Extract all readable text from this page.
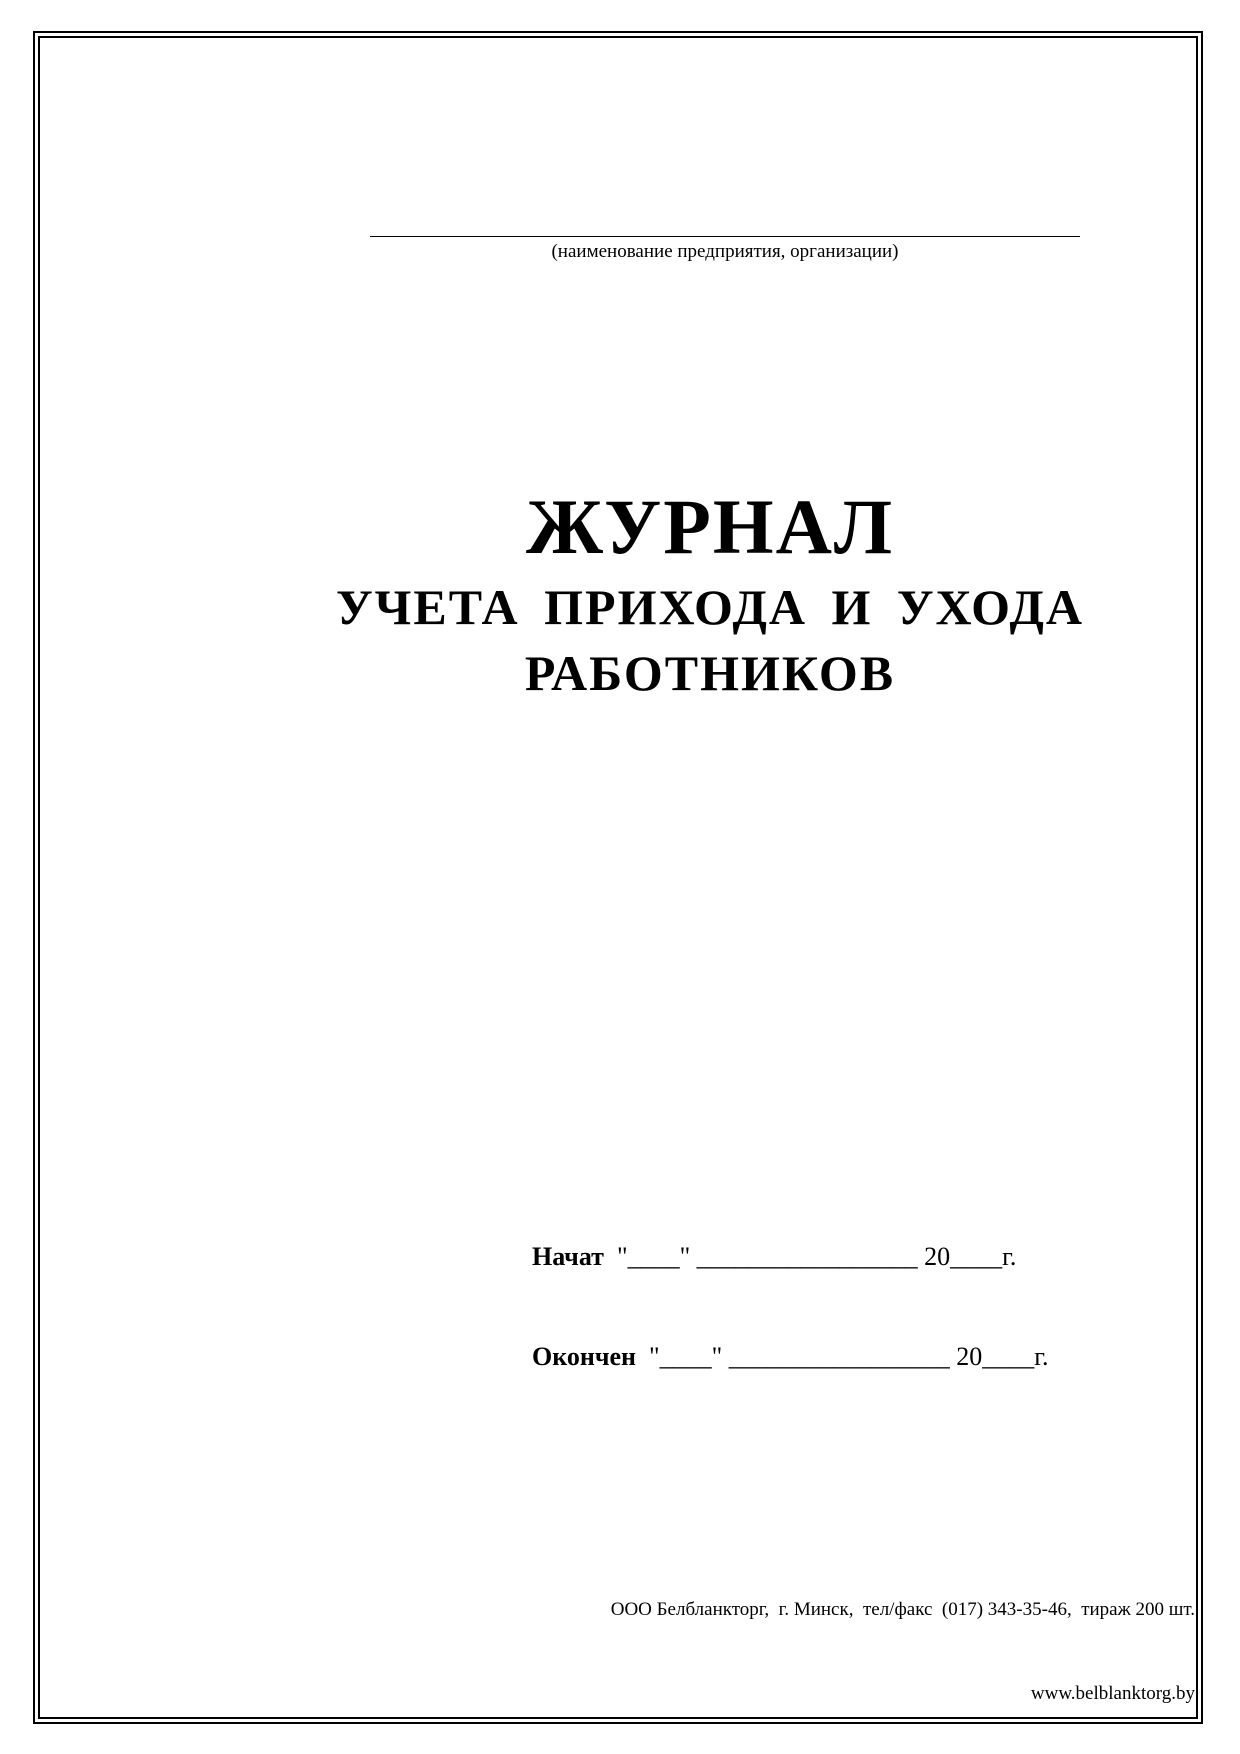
(наименование предприятия, организации)
ЖУРНАЛ
УЧЕТА ПРИХОДА И УХОДА
РАБОТНИКОВ
Начат  "____" _________________ 20____г.
Окончен  "____" _________________ 20____г.

ООО Белбланкторг,  г. Минск,  тел/факс  (017) 343-35-46,  тираж 200 шт.

www.belblanktorg.by
